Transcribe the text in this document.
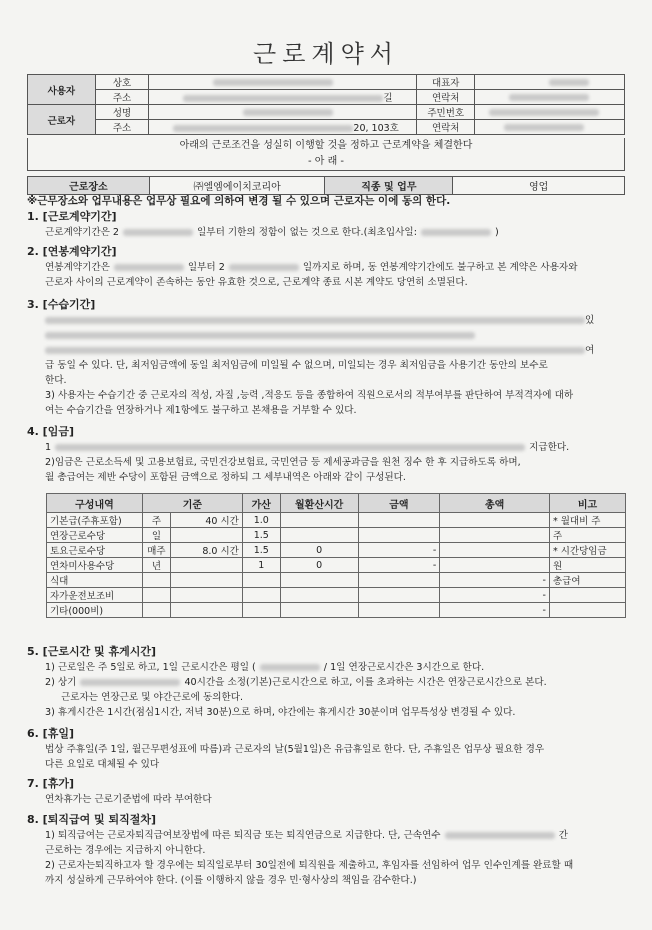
근로계약서
사용자	상호		대표자	
	주소	길	연락처	
근로자	성명		주민번호	
	주소	20, 103호	연락처	
아래의 근로조건을 성실히 이행할 것을 정하고 근로계약을 체결한다
- 아 래 -
근로장소	㈜엘엠에이치코리아	직종 및 업무	영업
※근무장소와 업무내용은 업무상 필요에 의하여 변경 될 수 있으며 근로자는 이에 동의 한다.
1. [근로계약기간]
근로계약기간은 2	일부터 기한의 정함이 없는 것으로 한다.(최초입사일:	)
2. [연봉계약기간]
연봉계약기간은	일부터 2	일까지로 하며, 동 연봉계약기간에도 불구하고 본 계약은 사용자와
근로자 사이의 근로계약이 존속하는 동안 유효한 것으로, 근로계약 종료 시본 계약도 당연히 소멸된다.
3. [수습기간]
있
여
급 동일 수 있다. 단, 최저임금액에 동일 최저임금에 미일될 수 없으며, 미일되는 경우 최저임금을 사용기간 동안의 보수로
한다.
3) 사용자는 수습기간 중 근로자의 적성, 자질 ,능력 ,적응도 등을 종합하여 직원으로서의 적부여부를 판단하여 부적격자에 대하
여는 수습기간을 연장하거나 제1항에도 불구하고 본채용을 거부할 수 있다.
4. [임금]
1	지급한다.
2)임금은 근로소득세 및 고용보험료, 국민건강보험료, 국민연금 등 제세공과금을 원천 징수 한 후 지급하도록 하며,
월 총급여는 제반 수당이 포함된 금액으로 정하되 그 세부내역은 아래와 같이 구성된다.
구성내역	기준		가산	월환산시간	금액	총액	비고
기본급(주휴포함)	주	40 시간	1.0				* 월대비 주
연장근로수당	일		1.5				주
토요근로수당	매주	8.0 시간	1.5	0	-		* 시간당임금
연차미사용수당	년		1	0	-		원
식대						-	총급여
자가운전보조비						-	
기타(000비)						-	
5. [근로시간 및 휴게시간]
1) 근로일은 주 5일로 하고, 1일 근로시간은 평일 (	/ 1일 연장근로시간은 3시간으로 한다.
2) 상기	40시간을 소정(기본)근로시간으로 하고, 이를 초과하는 시간은 연장근로시간으로 본다.
근로자는 연장근로 및 야간근로에 동의한다.
3) 휴게시간은 1시간(점심1시간, 저녁 30분)으로 하며, 야간에는 휴게시간 30분이며 업무특성상 변경될 수 있다.
6. [휴일]
법상 주휴일(주 1일, 월근무편성표에 따름)과 근로자의 날(5월1일)은 유급휴일로 한다. 단, 주휴일은 업무상 필요한 경우
다른 요일로 대체될 수 있다
7. [휴가]
연차휴가는 근로기준법에 따라 부여한다
8. [퇴직급여 및 퇴직절차]
1) 퇴직급여는 근로자퇴직급여보장법에 따른 퇴직금 또는 퇴직연금으로 지급한다. 단, 근속연수	간
근로하는 경우에는 지급하지 아니한다.
2) 근로자는퇴직하고자 할 경우에는 퇴직일로부터 30일전에 퇴직원을 제출하고, 후임자를 선임하여 업무 인수인계를 완료할 때
까지 성실하게 근무하여야 한다. (이를 이행하지 않을 경우 민·형사상의 책임을 감수한다.)
